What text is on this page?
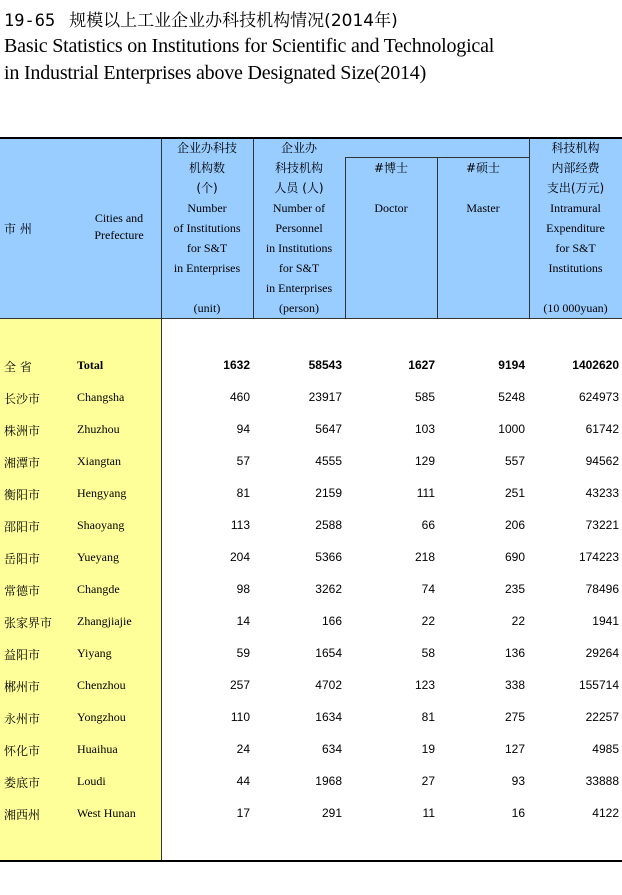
19-65 规模以上工业企业办科技机构情况(2014年)
Basic Statistics on Institutions for Scientific and Technological
in Industrial Enterprises above Designated Size(2014)
市 州
Cities and
Prefecture
企业办科技
机构数
(个)
Number
of Institutions
for S&T
in Enterprises

(unit)
企业办
科技机构
人员 (人)
Number of
Personnel
in Institutions
for S&T
in Enterprises
(person)
#博士

Doctor
#硕士

Master
科技机构
内部经费
支出(万元)
Intramural
Expenditure
for S&T
Institutions

(10 000yuan)
全 省	Total	1632	58543	1627	9194	1402620
长沙市	Changsha	460	23917	585	5248	624973
株洲市	Zhuzhou	94	5647	103	1000	61742
湘潭市	Xiangtan	57	4555	129	557	94562
衡阳市	Hengyang	81	2159	111	251	43233
邵阳市	Shaoyang	113	2588	66	206	73221
岳阳市	Yueyang	204	5366	218	690	174223
常德市	Changde	98	3262	74	235	78496
张家界市 Zhangjiajie	14	166	22	22	1941
益阳市	Yiyang	59	1654	58	136	29264
郴州市	Chenzhou	257	4702	123	338	155714
永州市	Yongzhou	110	1634	81	275	22257
怀化市	Huaihua	24	634	19	127	4985
娄底市	Loudi	44	1968	27	93	33888
湘西州	West Hunan	17	291	11	16	4122
